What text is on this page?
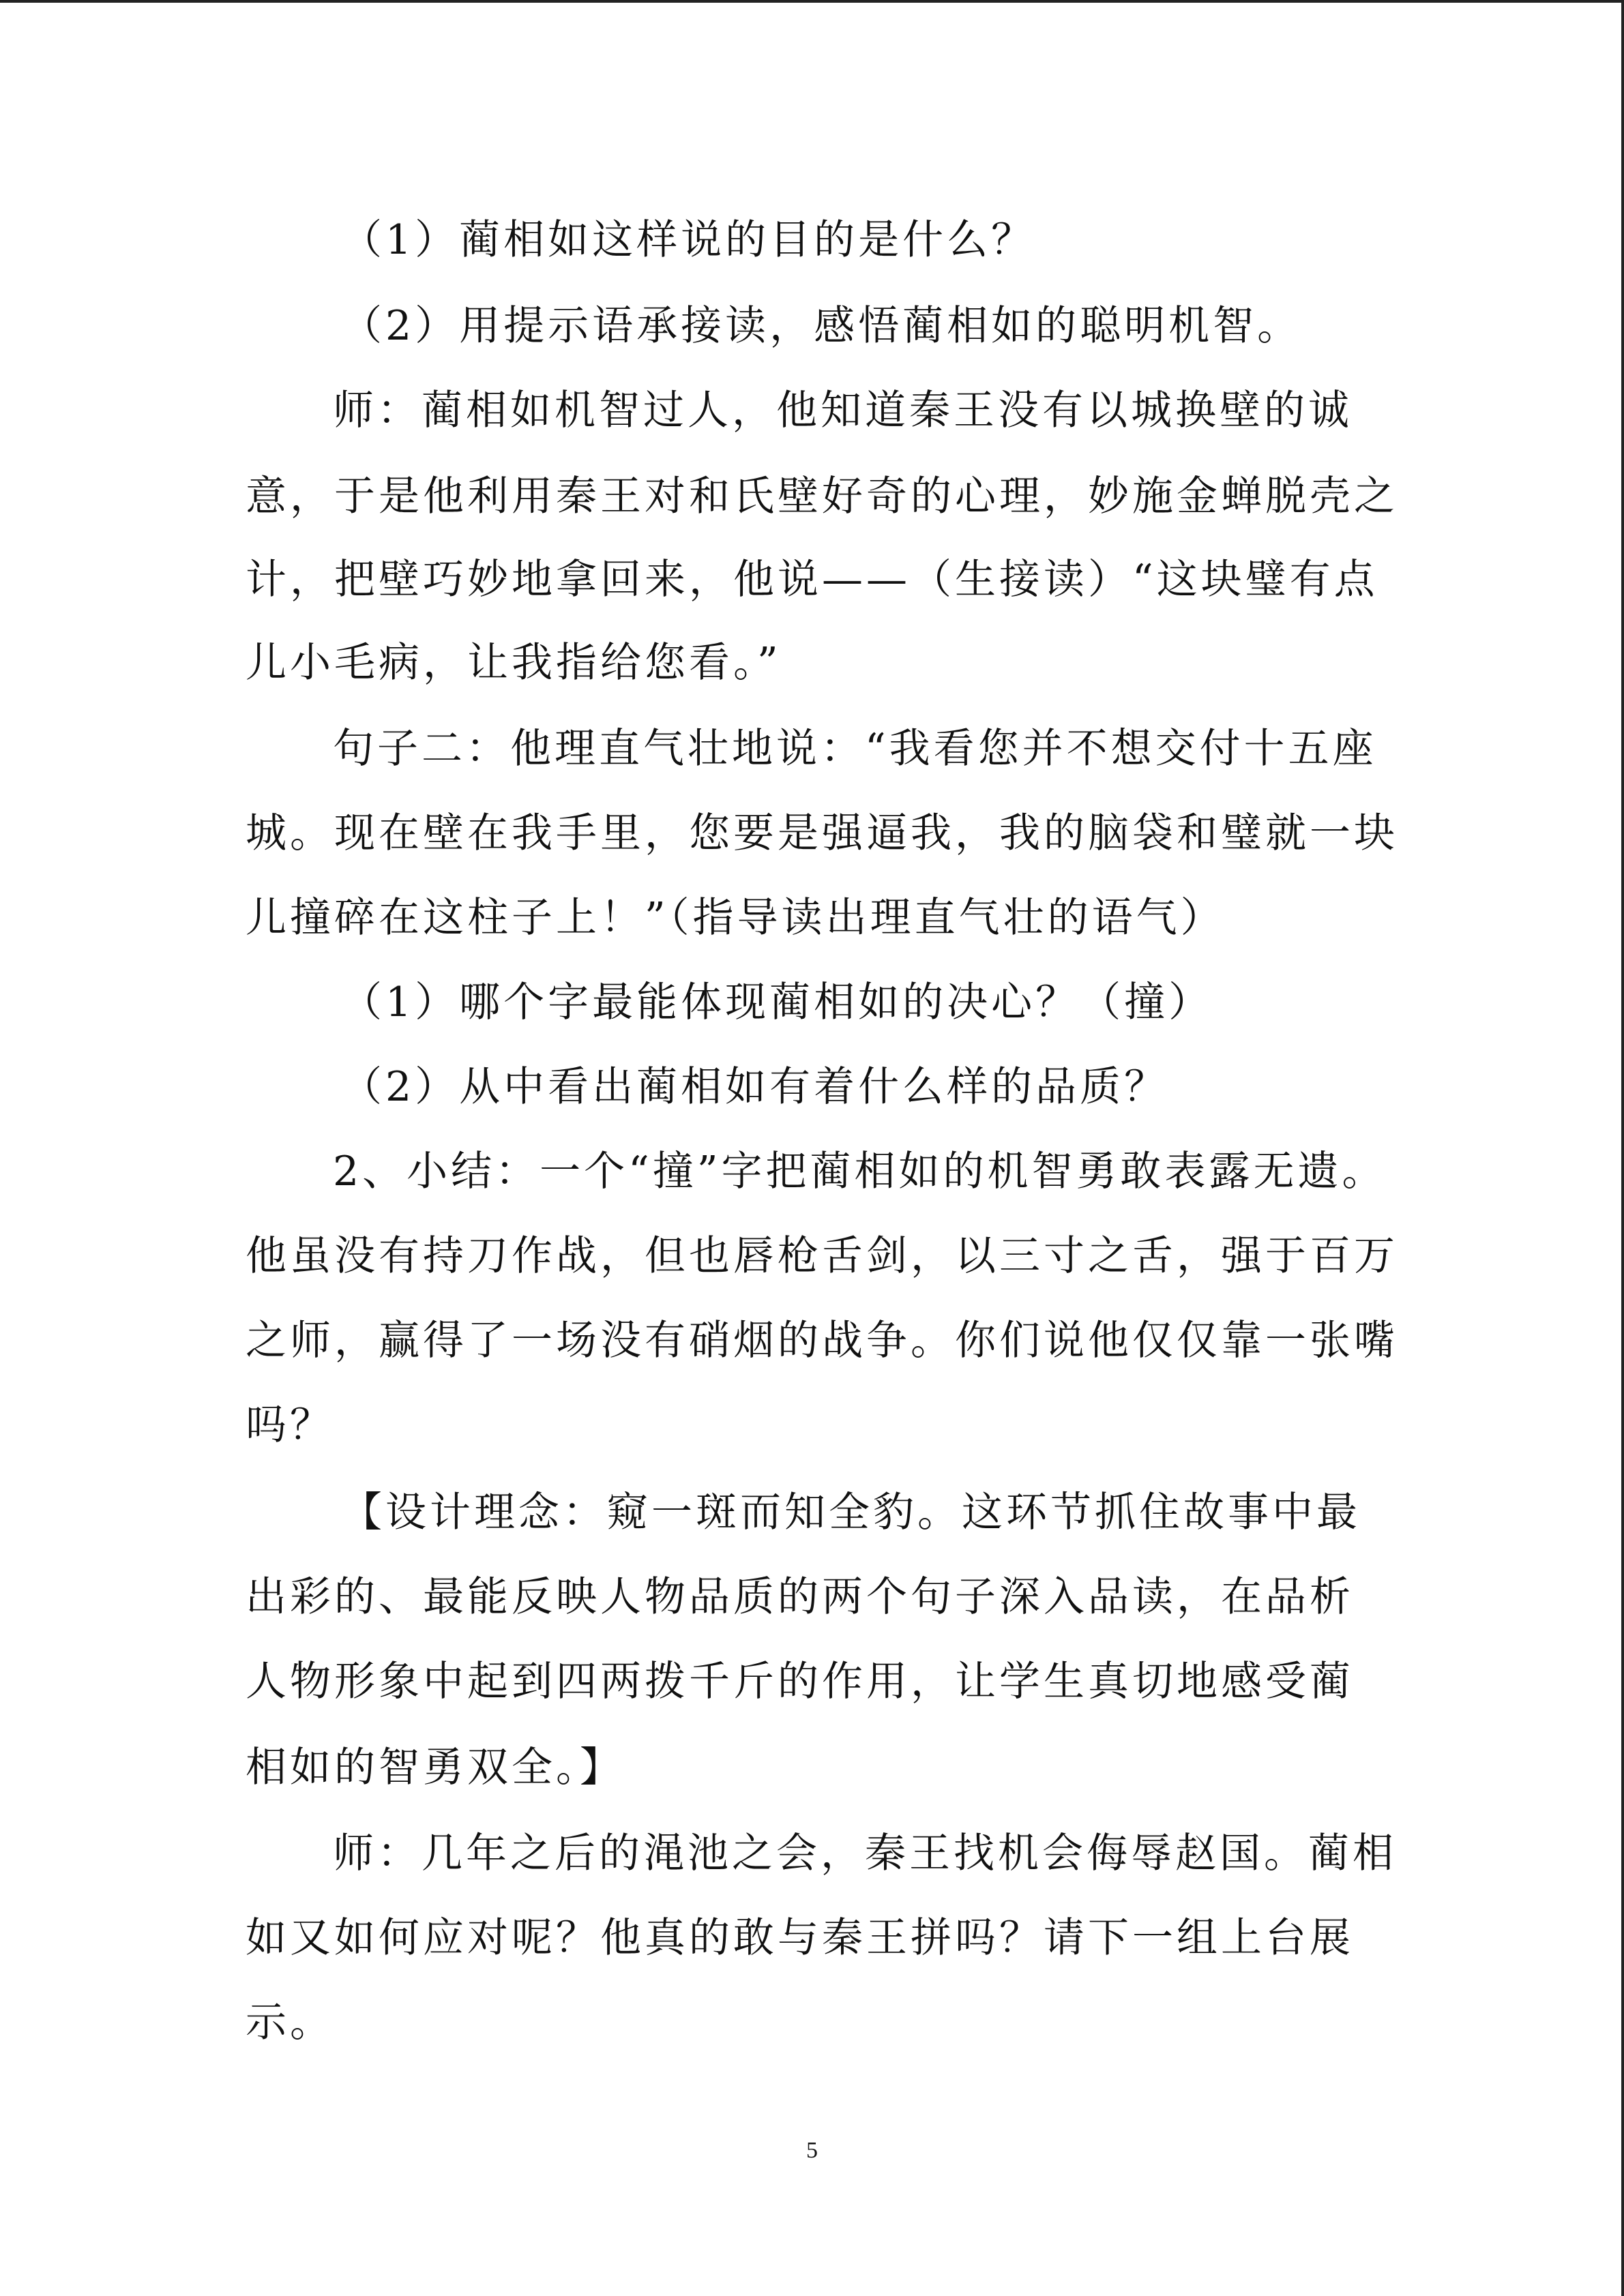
（1）蔺相如这样说的目的是什么？
（2）用提示语承接读，感悟蔺相如的聪明机智。
师：蔺相如机智过人，他知道秦王没有以城换壁的诚
意，于是他利用秦王对和氏壁好奇的心理，妙施金蝉脱壳之
计，把壁巧妙地拿回来，他说——（生接读）“这块璧有点
儿小毛病，让我指给您看。”
句子二：他理直气壮地说：“我看您并不想交付十五座
城。现在壁在我手里，您要是强逼我，我的脑袋和璧就一块
儿撞碎在这柱子上！”（指导读出理直气壮的语气）
（1）哪个字最能体现蔺相如的决心？（撞）
（2）从中看出蔺相如有着什么样的品质？
2、小结：一个“撞”字把蔺相如的机智勇敢表露无遗。
他虽没有持刀作战，但也唇枪舌剑，以三寸之舌，强于百万
之师，赢得了一场没有硝烟的战争。你们说他仅仅靠一张嘴
吗？
【设计理念：窥一斑而知全豹。这环节抓住故事中最
出彩的、最能反映人物品质的两个句子深入品读，在品析
人物形象中起到四两拨千斤的作用，让学生真切地感受蔺
相如的智勇双全。】
师：几年之后的渑池之会，秦王找机会侮辱赵国。蔺相
如又如何应对呢？他真的敢与秦王拼吗？请下一组上台展
示。
5
